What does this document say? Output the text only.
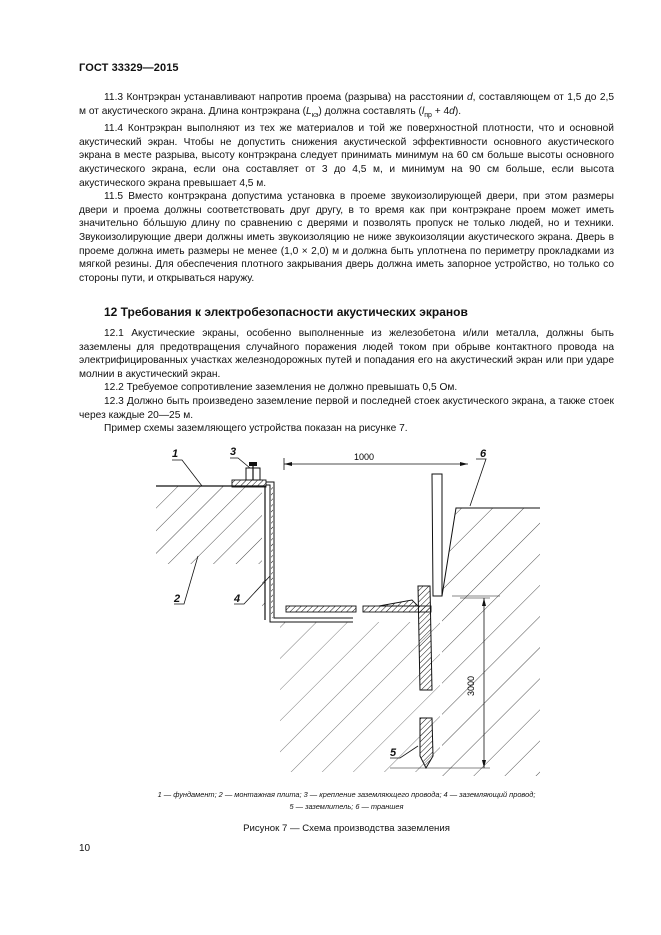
ГОСТ 33329—2015

11.3 Контрэкран устанавливают напротив проема (разрыва) на расстоянии d, составляющем от 1,5 до 2,5 м от акустического экрана. Длина контрэкрана $(L_{кэ})$ должна составлять $(l_{пр} + 4d)$.

11.4 Контрэкран выполняют из тех же материалов и той же поверхностной плотности, что и основной акустический экран. Чтобы не допустить снижения акустической эффективности основного акустического экрана в месте разрыва, высоту контрэкрана следует принимать минимум на 60 см больше высоты основного акустического экрана, если она составляет от 3 до 4,5 м, и минимум на 90 см больше, если высота акустического экрана превышает 4,5 м.

11.5 Вместо контрэкрана допустима установка в проеме звукоизолирующей двери, при этом размеры двери и проема должны соответствовать друг другу, в то время как при контрэкране проем может иметь значительно бо́льшую длину по сравнению с дверями и позволять пропуск не только людей, но и техники. Звукоизолирующие двери должны иметь звукоизоляцию не ниже звукоизоляции акустического экрана. Дверь в проеме должна иметь размеры не менее (1,0 × 2,0) м и должна быть уплотнена по периметру прокладками из мягкой резины. Для обеспечения плотного закрывания дверь должна иметь запорное устройство, но только со стороны пути, и открываться наружу.

12 Требования к электробезопасности акустических экранов

12.1 Акустические экраны, особенно выполненные из железобетона и/или металла, должны быть заземлены для предотвращения случайного поражения людей током при обрыве контактного провода на электрифицированных участках железнодорожных путей и попадания его на акустический экран или при ударе молнии в акустический экран.

12.2 Требуемое сопротивление заземления не должно превышать 0,5 Ом.

12.3 Должно быть произведено заземление первой и последней стоек акустического экрана, а также стоек через каждые 20—25 м.

Пример схемы заземляющего устройства показан на рисунке 7.

1000
3000
1
2
3
4
5
6
1 — фундамент; 2 — монтажная плита; 3 — крепление заземляющего провода; 4 — заземляющий провод;
5 — заземлитель; 6 — траншея
Рисунок 7 — Схема производства заземления
10
